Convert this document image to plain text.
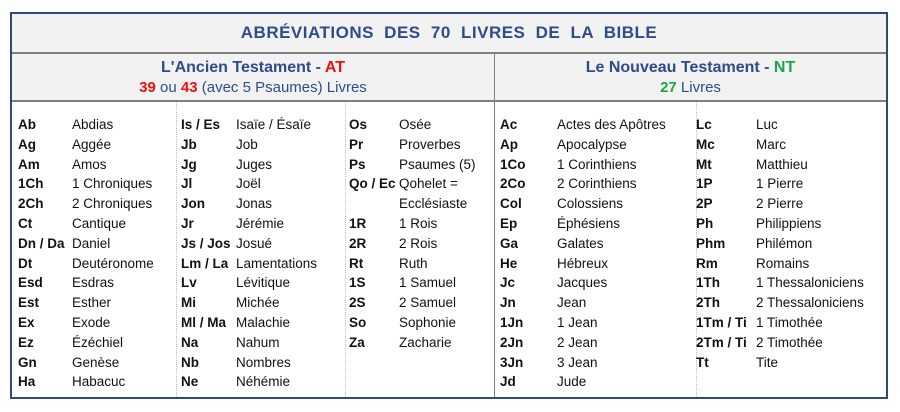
ABRÉVIATIONS DES 70 LIVRES DE LA BIBLE
L'Ancien Testament - AT
39 ou 43 (avec 5 Psaumes) Livres
Le Nouveau Testament - NT
27 Livres
Ab	Abdias
Ag	Aggée
Am Amos
1Ch 1 Chroniques
2Ch 2 Chroniques
Ct	Cantique
Dn / Da Daniel
Dt	Deutéronome
Esd Esdras
Est Esther
Ex	Exode
Ez	Ézéchiel
Gn	Genèse
Ha	Habacuc
Is / Es Isaïe / Ésaïe
Jb	Job
Jg	Juges
Jl	Joël
Jon Jonas
Jr	Jérémie
Js / Jos Josué
Lm / La Lamentations
Lv	Lévitique
Mi	Michée
Ml / Ma Malachie
Na	Nahum
Nb	Nombres
Ne	Néhémie
Os Osée
Pr	Proverbes
Ps Psaumes (5)
Qo / Ec Qohelet =
Ecclésiaste
1R 1 Rois
2R 2 Rois
Rt	Ruth
1S 1 Samuel
2S 2 Samuel
So Sophonie
Za	Zacharie
Ac	Actes des Apôtres
Ap	Apocalypse
1Co 1 Corinthiens
2Co 2 Corinthiens
Col	Colossiens
Ep	Éphésiens
Ga	Galates
He	Hébreux
Jc	Jacques
Jn	Jean
1Jn 1 Jean
2Jn 2 Jean
3Jn 3 Jean
Jd	Jude
Lc	Luc
Mc	Marc
Mt	Matthieu
1P	1 Pierre
2P	2 Pierre
Ph	Philippiens
Phm Philémon
Rm	Romains
1Th	1 Thessaloniciens
2Th	2 Thessaloniciens
1Tm / Ti 1 Timothée
2Tm / Ti 2 Timothée
Tt	Tite
